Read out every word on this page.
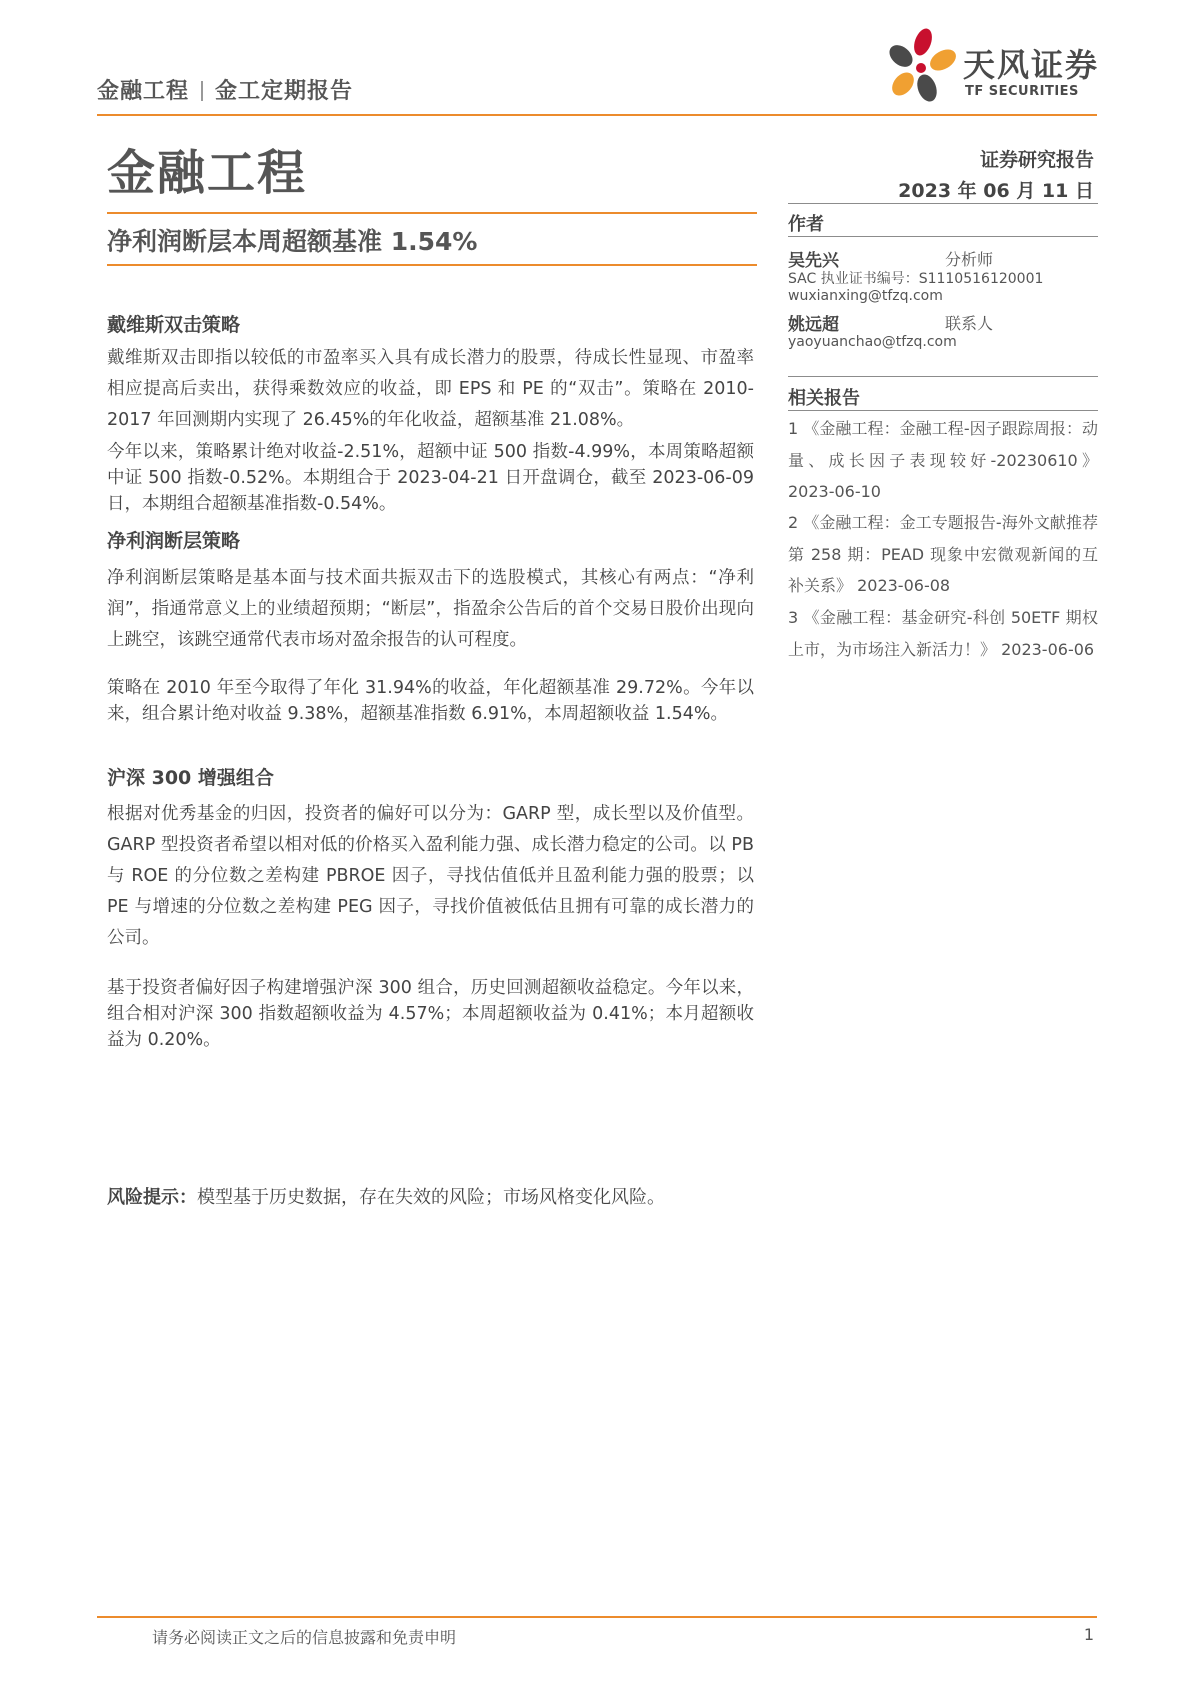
金融工程 金工定期报告
天风证券
TF SECURITIES
金融工程	证券研究报告
2023 年 06 月 11 日
净利润断层本周超额基准 1.54%
戴维斯双击策略
戴维斯双击即指以较低的市盈率买入具有成长潜力的股票，待成长性显现、市盈率相应提高后卖出，获得乘数效应的收益，即 EPS 和 PE 的“双击”。策略在 2010-2017 年回测期内实现了 26.45%的年化收益，超额基准 21.08%。
今年以来，策略累计绝对收益-2.51%，超额中证 500 指数-4.99%，本周策略超额中证 500 指数-0.52%。本期组合于 2023-04-21 日开盘调仓，截至 2023-06-09 日，本期组合超额基准指数-0.54%。
净利润断层策略
净利润断层策略是基本面与技术面共振双击下的选股模式，其核心有两点：“净利润”，指通常意义上的业绩超预期；“断层”，指盈余公告后的首个交易日股价出现向上跳空，该跳空通常代表市场对盈余报告的认可程度。
策略在 2010 年至今取得了年化 31.94%的收益，年化超额基准 29.72%。今年以来，组合累计绝对收益 9.38%，超额基准指数 6.91%，本周超额收益 1.54%。
沪深 300 增强组合
根据对优秀基金的归因，投资者的偏好可以分为：GARP 型，成长型以及价值型。GARP 型投资者希望以相对低的价格买入盈利能力强、成长潜力稳定的公司。以 PB 与 ROE 的分位数之差构建 PBROE 因子，寻找估值低并且盈利能力强的股票；以 PE 与增速的分位数之差构建 PEG 因子，寻找价值被低估且拥有可靠的成长潜力的公司。
基于投资者偏好因子构建增强沪深 300 组合，历史回测超额收益稳定。今年以来，组合相对沪深 300 指数超额收益为 4.57%；本周超额收益为 0.41%；本月超额收益为 0.20%。
风险提示：模型基于历史数据，存在失效的风险；市场风格变化风险。
作者
吴先兴	分析师
SAC 执业证书编号：S1110516120001
wuxianxing@tfzq.com
姚远超	联系人
yaoyuanchao@tfzq.com
相关报告
1 《金融工程：金融工程-因子跟踪周报：动量、成长因子表现较好-20230610》 2023-06-10
2 《金融工程：金工专题报告-海外文献推荐 第 258 期：PEAD 现象中宏微观新闻的互补关系》 2023-06-08
3 《金融工程：基金研究-科创 50ETF 期权上市，为市场注入新活力！》 2023-06-06
请务必阅读正文之后的信息披露和免责申明	1
